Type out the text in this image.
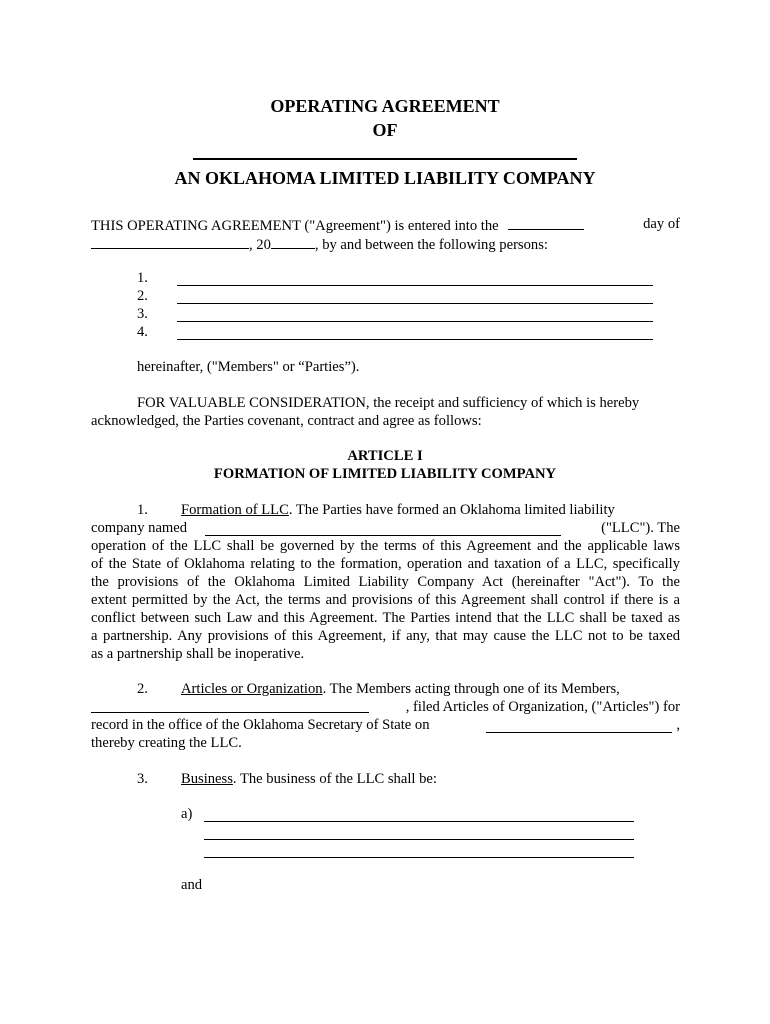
OPERATING AGREEMENT
OF
AN OKLAHOMA LIMITED LIABILITY COMPANY
THIS OPERATING AGREEMENT ("Agreement") is entered into the	day of
, 20	, by and between the following persons:
1.
2.
3.
4.
hereinafter, ("Members" or “Parties”).
FOR VALUABLE CONSIDERATION, the receipt and sufficiency of which is hereby
acknowledged, the Parties covenant, contract and agree as follows:
ARTICLE I
FORMATION OF LIMITED LIABILITY COMPANY
1. Formation of LLC. The Parties have formed an Oklahoma limited liability
company named	("LLC"). The
operation of the LLC shall be governed by the terms of this Agreement and the applicable laws
of the State of Oklahoma relating to the formation, operation and taxation of a LLC, specifically
the provisions of the Oklahoma Limited Liability Company Act (hereinafter "Act"). To the
extent permitted by the Act, the terms and provisions of this Agreement shall control if there is a
conflict between such Law and this Agreement. The Parties intend that the LLC shall be taxed as
a partnership. Any provisions of this Agreement, if any, that may cause the LLC not to be taxed
as a partnership shall be inoperative.
2. Articles or Organization. The Members acting through one of its Members,
, filed Articles of Organization, ("Articles") for
record in the office of the Oklahoma Secretary of State on	,
thereby creating the LLC.
3. Business. The business of the LLC shall be:
a)
and
